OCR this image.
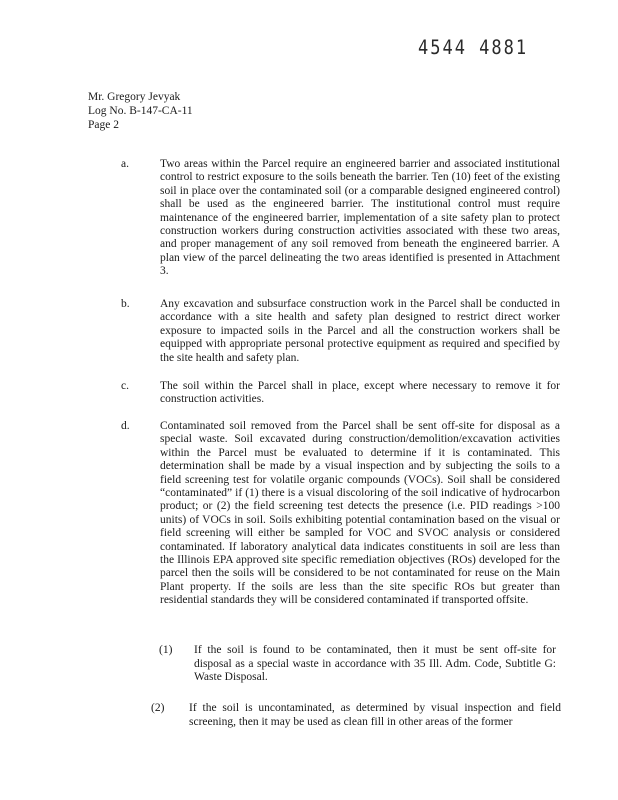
4544 4881
Mr. Gregory Jevyak
Log No. B-147-CA-11
Page 2
a.	Two areas within the Parcel require an engineered barrier and associated institutional control to restrict exposure to the soils beneath the barrier. Ten (10) feet of the existing soil in place over the contaminated soil (or a comparable designed engineered control) shall be used as the engineered barrier. The institutional control must require maintenance of the engineered barrier, implementation of a site safety plan to protect construction workers during construction activities associated with these two areas, and proper management of any soil removed from beneath the engineered barrier. A plan view of the parcel delineating the two areas identified is presented in Attachment 3.
b.	Any excavation and subsurface construction work in the Parcel shall be conducted in accordance with a site health and safety plan designed to restrict direct worker exposure to impacted soils in the Parcel and all the construction workers shall be equipped with appropriate personal protective equipment as required and specified by the site health and safety plan.
c.	The soil within the Parcel shall in place, except where necessary to remove it for construction activities.
d.	Contaminated soil removed from the Parcel shall be sent off-site for disposal as a special waste. Soil excavated during construction/demolition/excavation activities within the Parcel must be evaluated to determine if it is contaminated. This determination shall be made by a visual inspection and by subjecting the soils to a field screening test for volatile organic compounds (VOCs). Soil shall be considered “contaminated” if (1) there is a visual discoloring of the soil indicative of hydrocarbon product; or (2) the field screening test detects the presence (i.e. PID readings >100 units) of VOCs in soil. Soils exhibiting potential contamination based on the visual or field screening will either be sampled for VOC and SVOC analysis or considered contaminated. If laboratory analytical data indicates constituents in soil are less than the Illinois EPA approved site specific remediation objectives (ROs) developed for the parcel then the soils will be considered to be not contaminated for reuse on the Main Plant property. If the soils are less than the site specific ROs but greater than residential standards they will be considered contaminated if transported offsite.
(1) If the soil is found to be contaminated, then it must be sent off-site for disposal as a special waste in accordance with 35 Ill. Adm. Code, Subtitle G: Waste Disposal.
(2) If the soil is uncontaminated, as determined by visual inspection and field screening, then it may be used as clean fill in other areas of the former
